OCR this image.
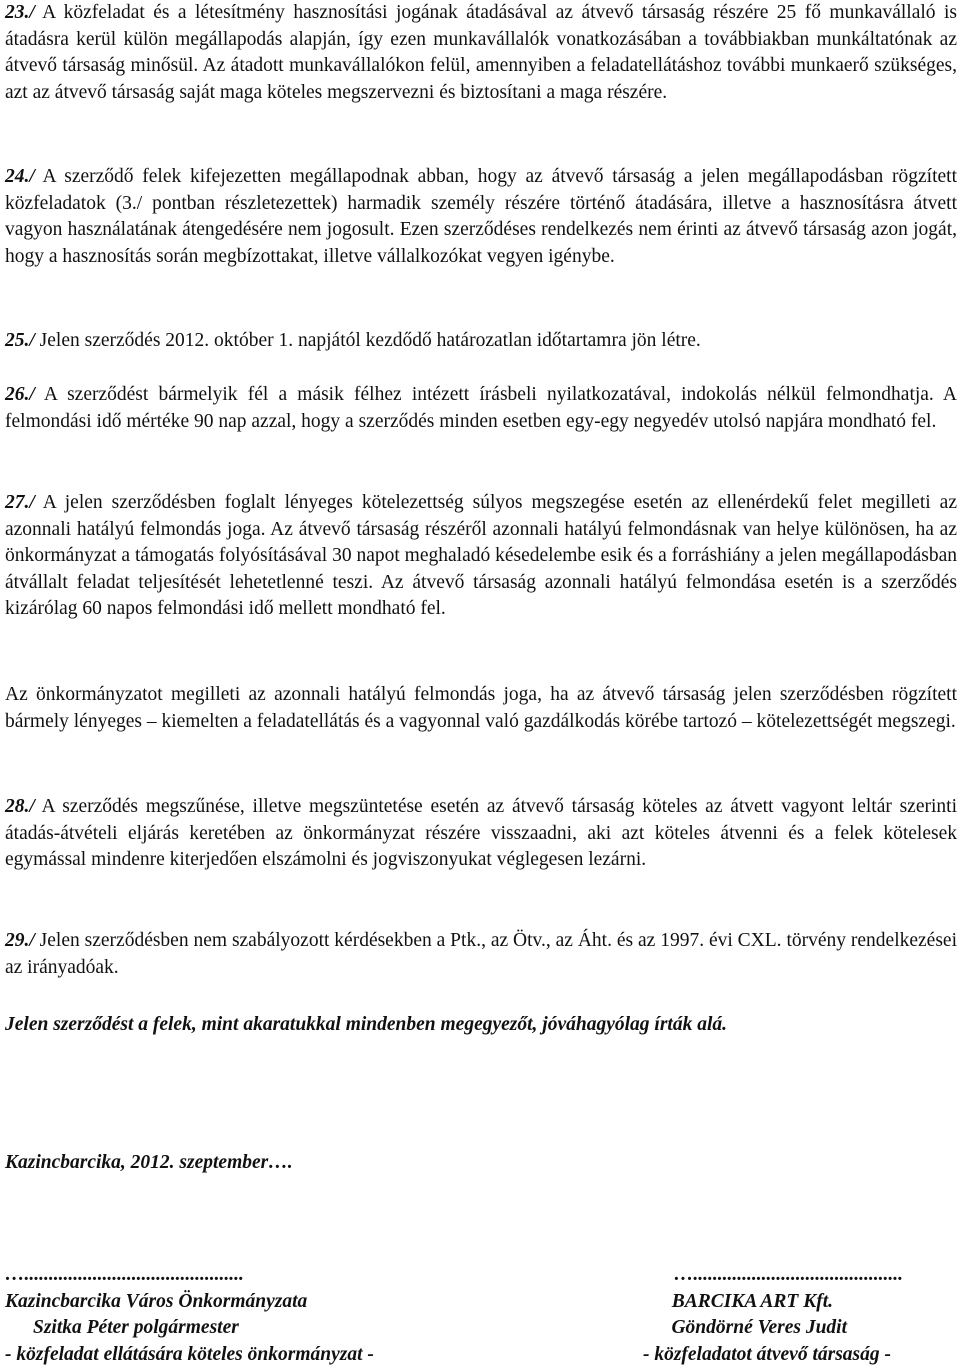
23./ A közfeladat és a létesítmény hasznosítási jogának átadásával az átvevő társaság részére 25 fő munkavállaló is átadásra kerül külön megállapodás alapján, így ezen munkavállalók vonatkozásában a továbbiakban munkáltatónak az átvevő társaság minősül. Az átadott munkavállalókon felül, amennyiben a feladatellátáshoz további munkaerő szükséges, azt az átvevő társaság saját maga köteles megszervezni és biztosítani a maga részére.

24./ A szerződő felek kifejezetten megállapodnak abban, hogy az átvevő társaság a jelen megállapodásban rögzített közfeladatok (3./ pontban részletezettek) harmadik személy részére történő átadására, illetve a hasznosításra átvett vagyon használatának átengedésére nem jogosult. Ezen szerződéses rendelkezés nem érinti az átvevő társaság azon jogát, hogy a hasznosítás során megbízottakat, illetve vállalkozókat vegyen igénybe.

25./ Jelen szerződés 2012. október 1. napjától kezdődő határozatlan időtartamra jön létre.

26./ A szerződést bármelyik fél a másik félhez intézett írásbeli nyilatkozatával, indokolás nélkül felmondhatja. A felmondási idő mértéke 90 nap azzal, hogy a szerződés minden esetben egy-egy negyedév utolsó napjára mondható fel.

27./ A jelen szerződésben foglalt lényeges kötelezettség súlyos megszegése esetén az ellenérdekű felet megilleti az azonnali hatályú felmondás joga. Az átvevő társaság részéről azonnali hatályú felmondásnak van helye különösen, ha az önkormányzat a támogatás folyósításával 30 napot meghaladó késedelembe esik és a forráshiány a jelen megállapodásban átvállalt feladat teljesítését lehetetlenné teszi. Az átvevő társaság azonnali hatályú felmondása esetén is a szerződés kizárólag 60 napos felmondási idő mellett mondható fel.

Az önkormányzatot megilleti az azonnali hatályú felmondás joga, ha az átvevő társaság jelen szerződésben rögzített bármely lényeges – kiemelten a feladatellátás és a vagyonnal való gazdálkodás körébe tartozó – kötelezettségét megszegi.

28./ A szerződés megszűnése, illetve megszüntetése esetén az átvevő társaság köteles az átvett vagyont leltár szerinti átadás-átvételi eljárás keretében az önkormányzat részére visszaadni, aki azt köteles átvenni és a felek kötelesek egymással mindenre kiterjedően elszámolni és jogviszonyukat véglegesen lezárni.

29./ Jelen szerződésben nem szabályozott kérdésekben a Ptk., az Ötv., az Áht. és az 1997. évi CXL. törvény rendelkezései az irányadóak.

Jelen szerződést a felek, mint akaratukkal mindenben megegyezőt, jóváhagyólag írták alá.

Kazincbarcika, 2012. szeptember….

….............................................	…...........................................
Kazincbarcika Város Önkormányzata	BARCIKA ART Kft.
Szitka Péter polgármester	Göndörné Veres Judit
- közfeladat ellátására köteles önkormányzat -	- közfeladatot átvevő társaság -
